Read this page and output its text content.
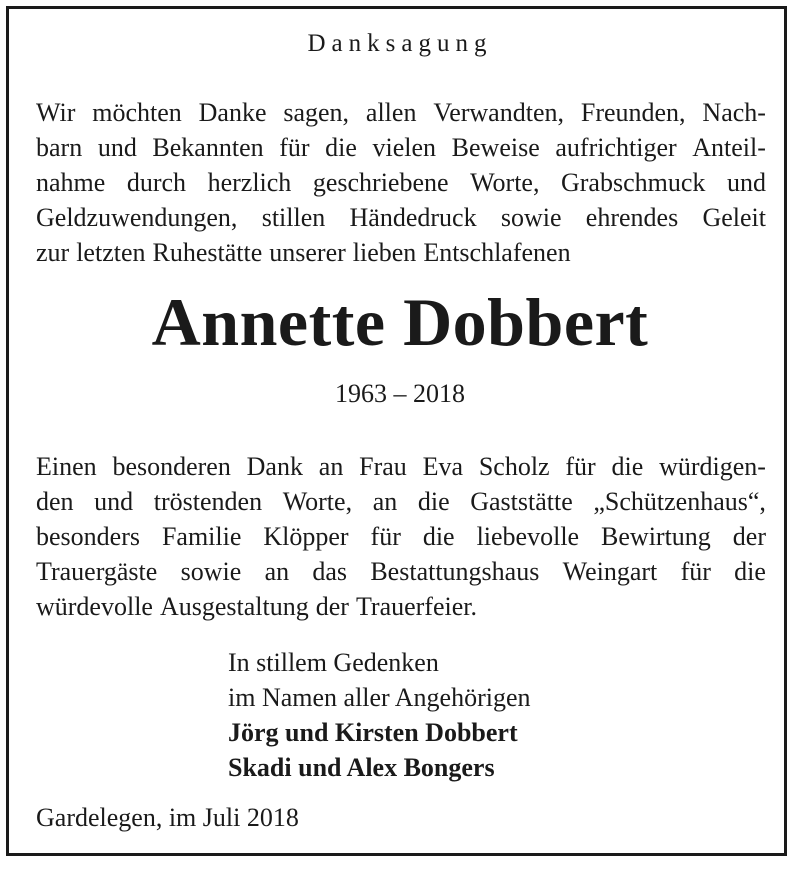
Danksagung
Wir möchten Danke sagen, allen Verwandten, Freunden, Nach-
barn und Bekannten für die vielen Beweise aufrichtiger Anteil-
nahme durch herzlich geschriebene Worte, Grabschmuck und
Geldzuwendungen, stillen Händedruck sowie ehrendes Geleit
zur letzten Ruhestätte unserer lieben Entschlafenen
Annette Dobbert
1963 – 2018
Einen besonderen Dank an Frau Eva Scholz für die würdigen-
den und tröstenden Worte, an die Gaststätte „Schützenhaus“,
besonders Familie Klöpper für die liebevolle Bewirtung der
Trauergäste sowie an das Bestattungshaus Weingart für die
würdevolle Ausgestaltung der Trauerfeier.
In stillem Gedenken
im Namen aller Angehörigen
Jörg und Kirsten Dobbert
Skadi und Alex Bongers
Gardelegen, im Juli 2018
